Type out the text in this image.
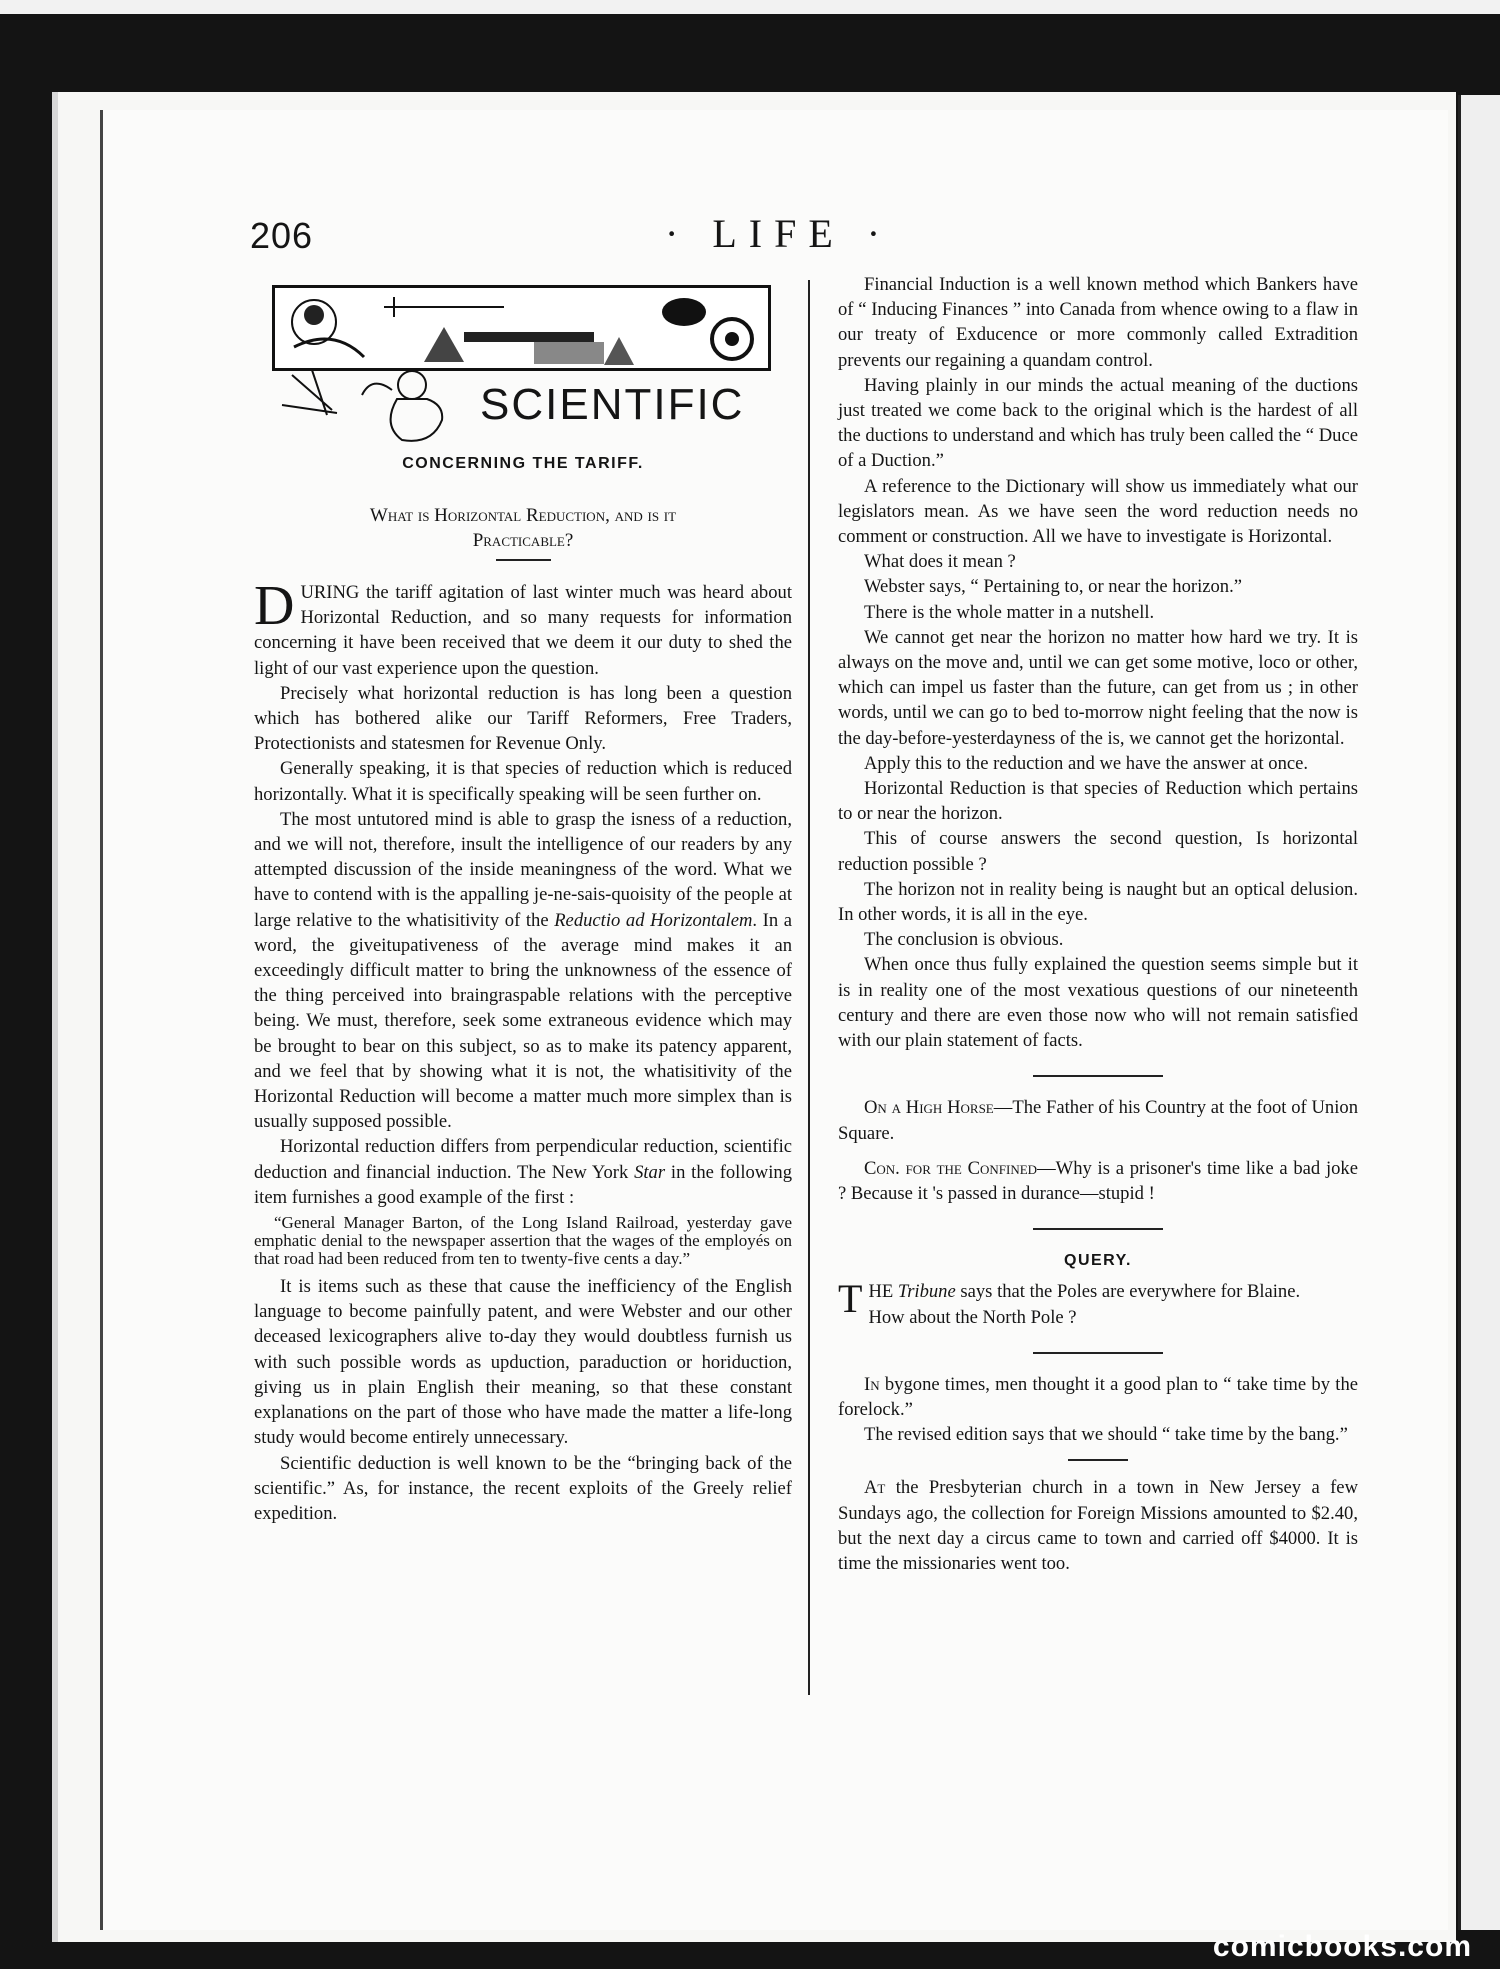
206	· LIFE ·
SCIENTIFIC
CONCERNING THE TARIFF.
What is Horizontal Reduction, and is it
Practicable?

DURING the tariff agitation of last winter much was heard about Horizontal Reduction, and so many requests for information concerning it have been received that we deem it our duty to shed the light of our vast experience upon the question.

Precisely what horizontal reduction is has long been a question which has bothered alike our Tariff Reformers, Free Traders, Protectionists and statesmen for Revenue Only.

Generally speaking, it is that species of reduction which is reduced horizontally. What it is specifically speaking will be seen further on.

The most untutored mind is able to grasp the isness of a reduction, and we will not, therefore, insult the intelligence of our readers by any attempted discussion of the inside meaningness of the word. What we have to contend with is the appalling je-ne-sais-quoisity of the people at large relative to the whatisitivity of the Reductio ad Horizontalem. In a word, the giveitupativeness of the average mind makes it an exceedingly difficult matter to bring the unknowness of the essence of the thing perceived into braingraspable relations with the perceptive being. We must, therefore, seek some extraneous evidence which may be brought to bear on this subject, so as to make its patency apparent, and we feel that by showing what it is not, the whatisitivity of the Horizontal Reduction will become a matter much more simplex than is usually supposed possible.

Horizontal reduction differs from perpendicular reduction, scientific deduction and financial induction. The New York Star in the following item furnishes a good example of the first :

“General Manager Barton, of the Long Island Railroad, yesterday gave emphatic denial to the newspaper assertion that the wages of the employés on that road had been reduced from ten to twenty-five cents a day.”

It is items such as these that cause the inefficiency of the English language to become painfully patent, and were Webster and our other deceased lexicographers alive to-day they would doubtless furnish us with such possible words as upduction, paraduction or horiduction, giving us in plain English their meaning, so that these constant explanations on the part of those who have made the matter a life-long study would become entirely unnecessary.

Scientific deduction is well known to be the “bringing back of the scientific.” As, for instance, the recent exploits of the Greely relief expedition.

Financial Induction is a well known method which Bankers have of “ Inducing Finances ” into Canada from whence owing to a flaw in our treaty of Exducence or more commonly called Extradition prevents our regaining a quandam control.

Having plainly in our minds the actual meaning of the ductions just treated we come back to the original which is the hardest of all the ductions to understand and which has truly been called the “ Duce of a Duction.”

A reference to the Dictionary will show us immediately what our legislators mean. As we have seen the word reduction needs no comment or construction. All we have to investigate is Horizontal.

What does it mean ?

Webster says, “ Pertaining to, or near the horizon.”

There is the whole matter in a nutshell.

We cannot get near the horizon no matter how hard we try. It is always on the move and, until we can get some motive, loco or other, which can impel us faster than the future, can get from us ; in other words, until we can go to bed to-morrow night feeling that the now is the day-before-yesterdayness of the is, we cannot get the horizontal.

Apply this to the reduction and we have the answer at once.

Horizontal Reduction is that species of Reduction which pertains to or near the horizon.

This of course answers the second question, Is horizontal reduction possible ?

The horizon not in reality being is naught but an optical delusion. In other words, it is all in the eye.

The conclusion is obvious.

When once thus fully explained the question seems simple but it is in reality one of the most vexatious questions of our nineteenth century and there are even those now who will not remain satisfied with our plain statement of facts.

On a High Horse—The Father of his Country at the foot of Union Square.

Con. for the Confined—Why is a prisoner's time like a bad joke ? Because it 's passed in durance—stupid !

QUERY.

THE Tribune says that the Poles are everywhere for Blaine.

How about the North Pole ?

In bygone times, men thought it a good plan to “ take time by the forelock.”

The revised edition says that we should “ take time by the bang.”

At the Presbyterian church in a town in New Jersey a few Sundays ago, the collection for Foreign Missions amounted to $2.40, but the next day a circus came to town and carried off $4000. It is time the missionaries went too.

comicbooks.com
